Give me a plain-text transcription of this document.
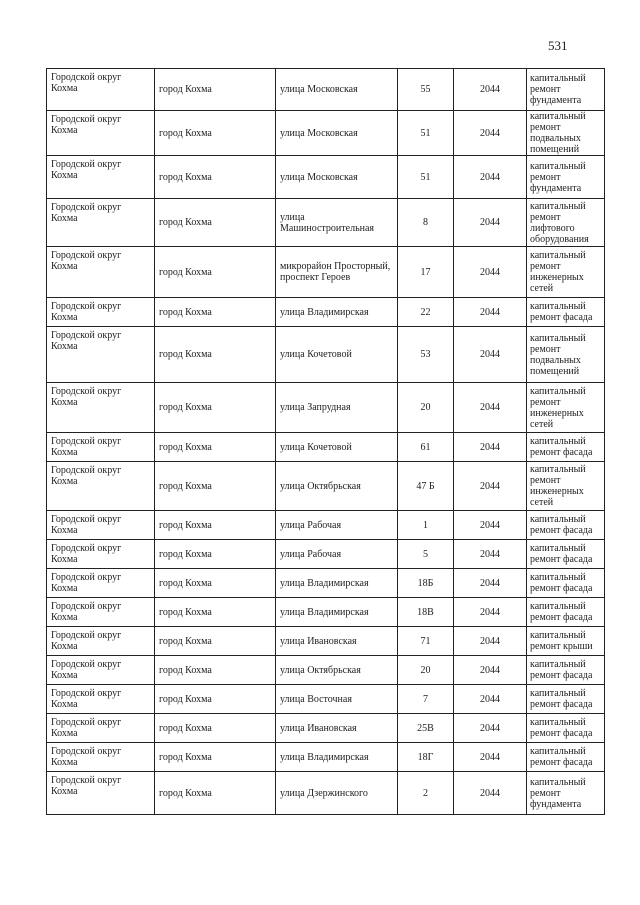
531
Городской округ Кохма	город Кохма	улица Московская	55	2044	капитальный ремонт фундамента
Городской округ Кохма	город Кохма	улица Московская	51	2044	капитальный ремонт подвальных помещений
Городской округ Кохма	город Кохма	улица Московская	51	2044	капитальный ремонт фундамента
Городской округ Кохма	город Кохма	улица Машиностроительная	8	2044	капитальный ремонт лифтового оборудования
Городской округ Кохма	город Кохма	микрорайон Просторный, проспект Героев	17	2044	капитальный ремонт инженерных сетей
Городской округ Кохма	город Кохма	улица Владимирская	22	2044	капитальный ремонт фасада
Городской округ Кохма	город Кохма	улица Кочетовой	53	2044	капитальный ремонт подвальных помещений
Городской округ Кохма	город Кохма	улица Запрудная	20	2044	капитальный ремонт инженерных сетей
Городской округ Кохма	город Кохма	улица Кочетовой	61	2044	капитальный ремонт фасада
Городской округ Кохма	город Кохма	улица Октябрьская	47 Б	2044	капитальный ремонт инженерных сетей
Городской округ Кохма	город Кохма	улица Рабочая	1	2044	капитальный ремонт фасада
Городской округ Кохма	город Кохма	улица Рабочая	5	2044	капитальный ремонт фасада
Городской округ Кохма	город Кохма	улица Владимирская	18Б	2044	капитальный ремонт фасада
Городской округ Кохма	город Кохма	улица Владимирская	18В	2044	капитальный ремонт фасада
Городской округ Кохма	город Кохма	улица Ивановская	71	2044	капитальный ремонт крыши
Городской округ Кохма	город Кохма	улица Октябрьская	20	2044	капитальный ремонт фасада
Городской округ Кохма	город Кохма	улица Восточная	7	2044	капитальный ремонт фасада
Городской округ Кохма	город Кохма	улица Ивановская	25В	2044	капитальный ремонт фасада
Городской округ Кохма	город Кохма	улица Владимирская	18Г	2044	капитальный ремонт фасада
Городской округ Кохма	город Кохма	улица Дзержинского	2	2044	капитальный ремонт фундамента
